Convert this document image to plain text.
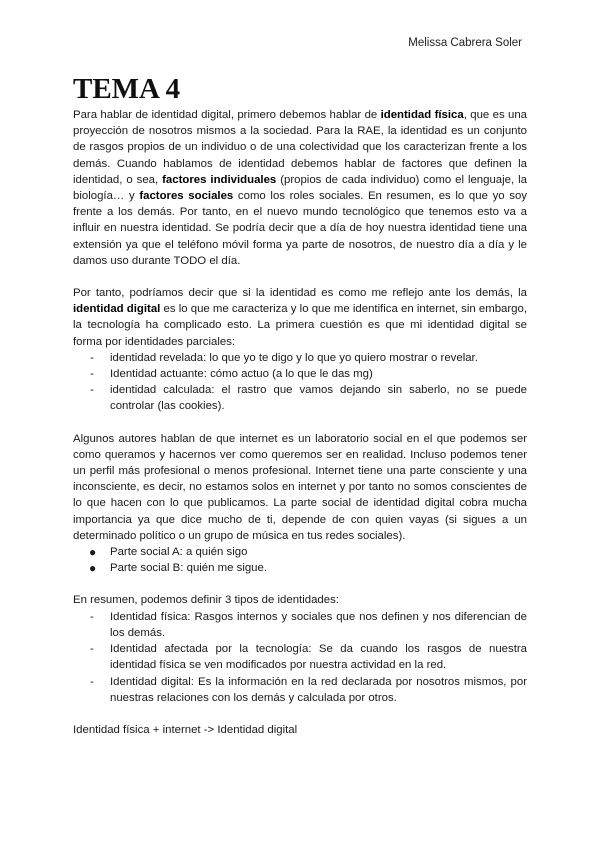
Melissa Cabrera Soler
TEMA 4

Para hablar de identidad digital, primero debemos hablar de identidad física, que es una proyección de nosotros mismos a la sociedad. Para la RAE, la identidad es un conjunto de rasgos propios de un individuo o de una colectividad que los caracterizan frente a los demás. Cuando hablamos de identidad debemos hablar de factores que definen la identidad, o sea, factores individuales (propios de cada individuo) como el lenguaje, la biología… y factores sociales como los roles sociales. En resumen, es lo que yo soy frente a los demás. Por tanto, en el nuevo mundo tecnológico que tenemos esto va a influir en nuestra identidad. Se podría decir que a día de hoy nuestra identidad tiene una extensión ya que el teléfono móvil forma ya parte de nosotros, de nuestro día a día y le damos uso durante TODO el día.

Por tanto, podríamos decir que si la identidad es como me reflejo ante los demás, la identidad digital es lo que me caracteriza y lo que me identifica en internet, sin embargo, la tecnología ha complicado esto. La primera cuestión es que mi identidad digital se forma por identidades parciales:

- identidad revelada: lo que yo te digo y lo que yo quiero mostrar o revelar.
- Identidad actuante: cómo actuo (a lo que le das mg)
- identidad calculada: el rastro que vamos dejando sin saberlo, no se puede controlar (las cookies).

Algunos autores hablan de que internet es un laboratorio social en el que podemos ser como queramos y hacernos ver como queremos ser en realidad. Incluso podemos tener un perfil más profesional o menos profesional. Internet tiene una parte consciente y una inconsciente, es decir, no estamos solos en internet y por tanto no somos conscientes de lo que hacen con lo que publicamos. La parte social de identidad digital cobra mucha importancia ya que dice mucho de ti, depende de con quien vayas (si sigues a un determinado político o un grupo de música en tus redes sociales).

● Parte social A: a quién sigo
● Parte social B: quién me sigue.

En resumen, podemos definir 3 tipos de identidades:

- Identidad física: Rasgos internos y sociales que nos definen y nos diferencian de los demás.
- Identidad afectada por la tecnología: Se da cuando los rasgos de nuestra identidad física se ven modificados por nuestra actividad en la red.
- Identidad digital: Es la información en la red declarada por nosotros mismos, por nuestras relaciones con los demás y calculada por otros.

Identidad física + internet -> Identidad digital
